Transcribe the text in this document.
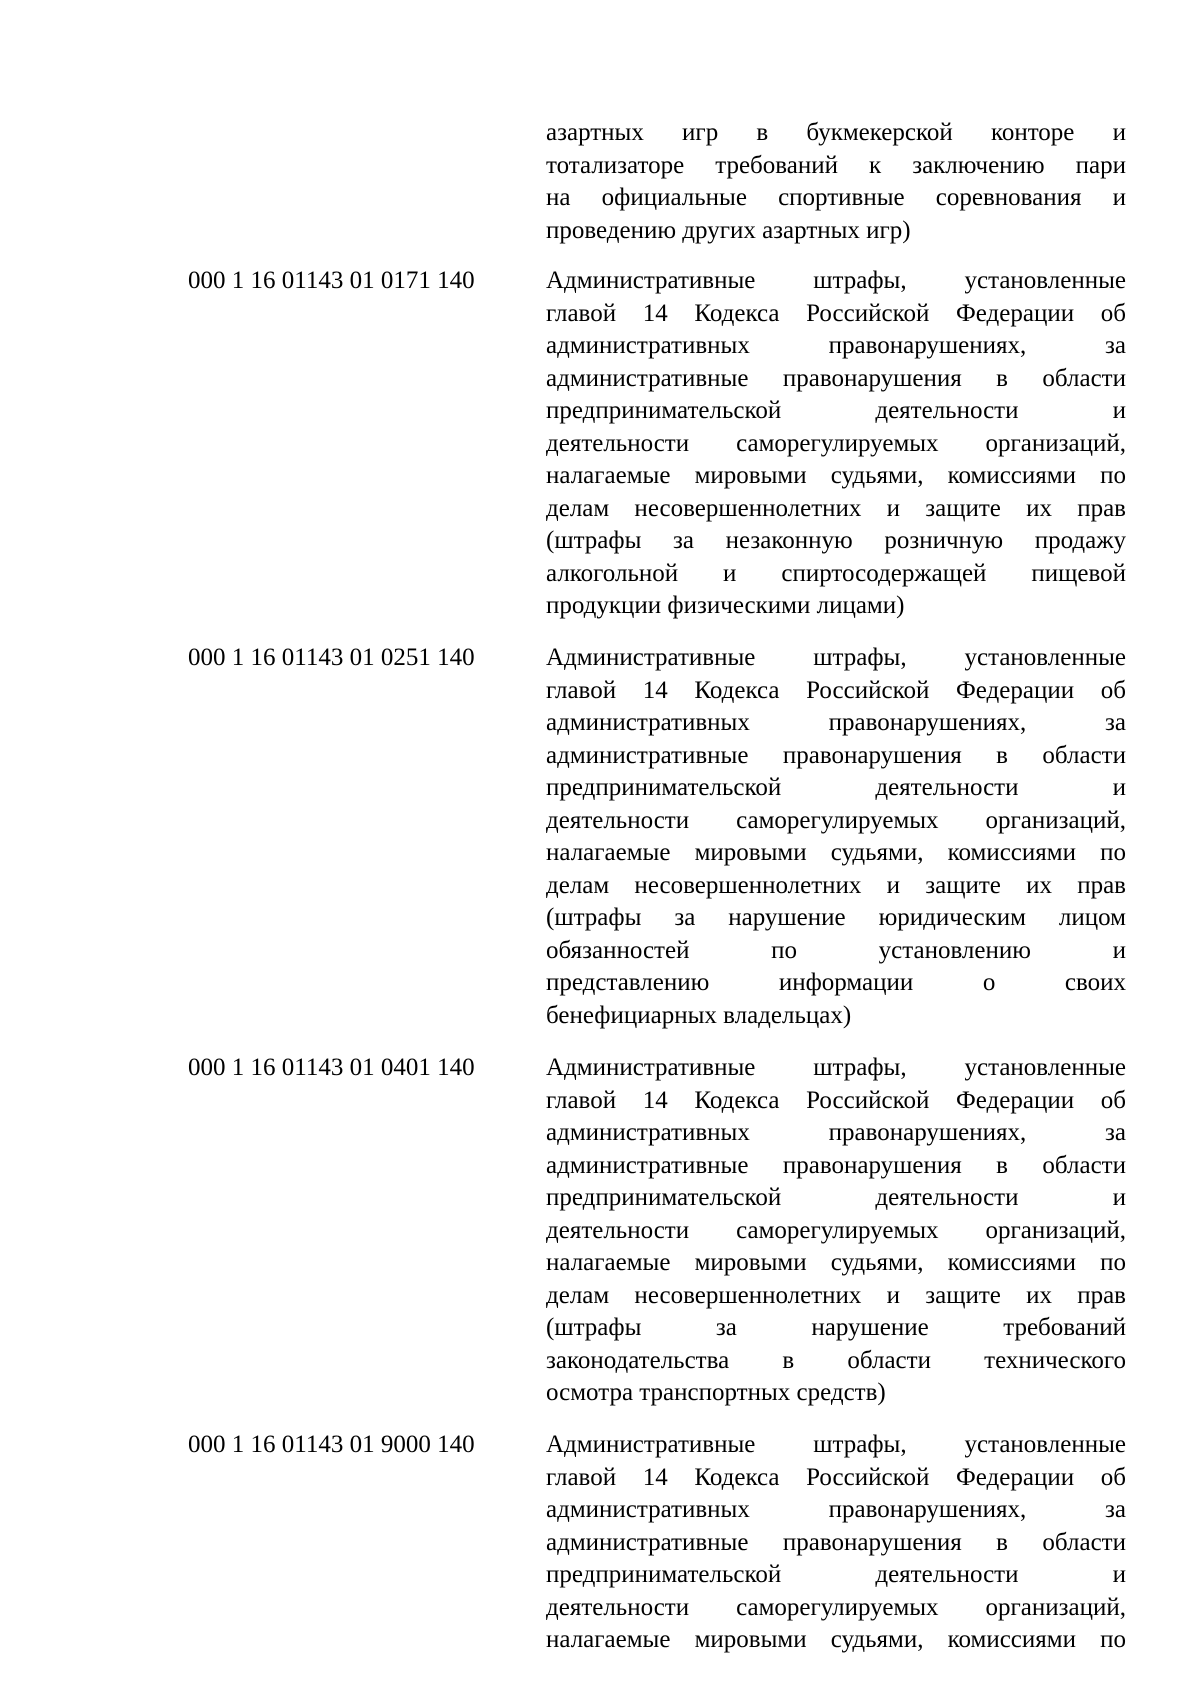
азартных игр в букмекерской конторе и
тотализаторе требований к заключению пари
на официальные спортивные соревнования и
проведению других азартных игр)
000 1 16 01143 01 0171 140	Административные штрафы, установленные
главой 14 Кодекса Российской Федерации об
административных правонарушениях, за
административные правонарушения в области
предпринимательской деятельности и
деятельности саморегулируемых организаций,
налагаемые мировыми судьями, комиссиями по
делам несовершеннолетних и защите их прав
(штрафы за незаконную розничную продажу
алкогольной и спиртосодержащей пищевой
продукции физическими лицами)
000 1 16 01143 01 0251 140	Административные штрафы, установленные
главой 14 Кодекса Российской Федерации об
административных правонарушениях, за
административные правонарушения в области
предпринимательской деятельности и
деятельности саморегулируемых организаций,
налагаемые мировыми судьями, комиссиями по
делам несовершеннолетних и защите их прав
(штрафы за нарушение юридическим лицом
обязанностей по установлению и
представлению информации о своих
бенефициарных владельцах)
000 1 16 01143 01 0401 140	Административные штрафы, установленные
главой 14 Кодекса Российской Федерации об
административных правонарушениях, за
административные правонарушения в области
предпринимательской деятельности и
деятельности саморегулируемых организаций,
налагаемые мировыми судьями, комиссиями по
делам несовершеннолетних и защите их прав
(штрафы за нарушение требований
законодательства в области технического
осмотра транспортных средств)
000 1 16 01143 01 9000 140	Административные штрафы, установленные
главой 14 Кодекса Российской Федерации об
административных правонарушениях, за
административные правонарушения в области
предпринимательской деятельности и
деятельности саморегулируемых организаций,
налагаемые мировыми судьями, комиссиями по
